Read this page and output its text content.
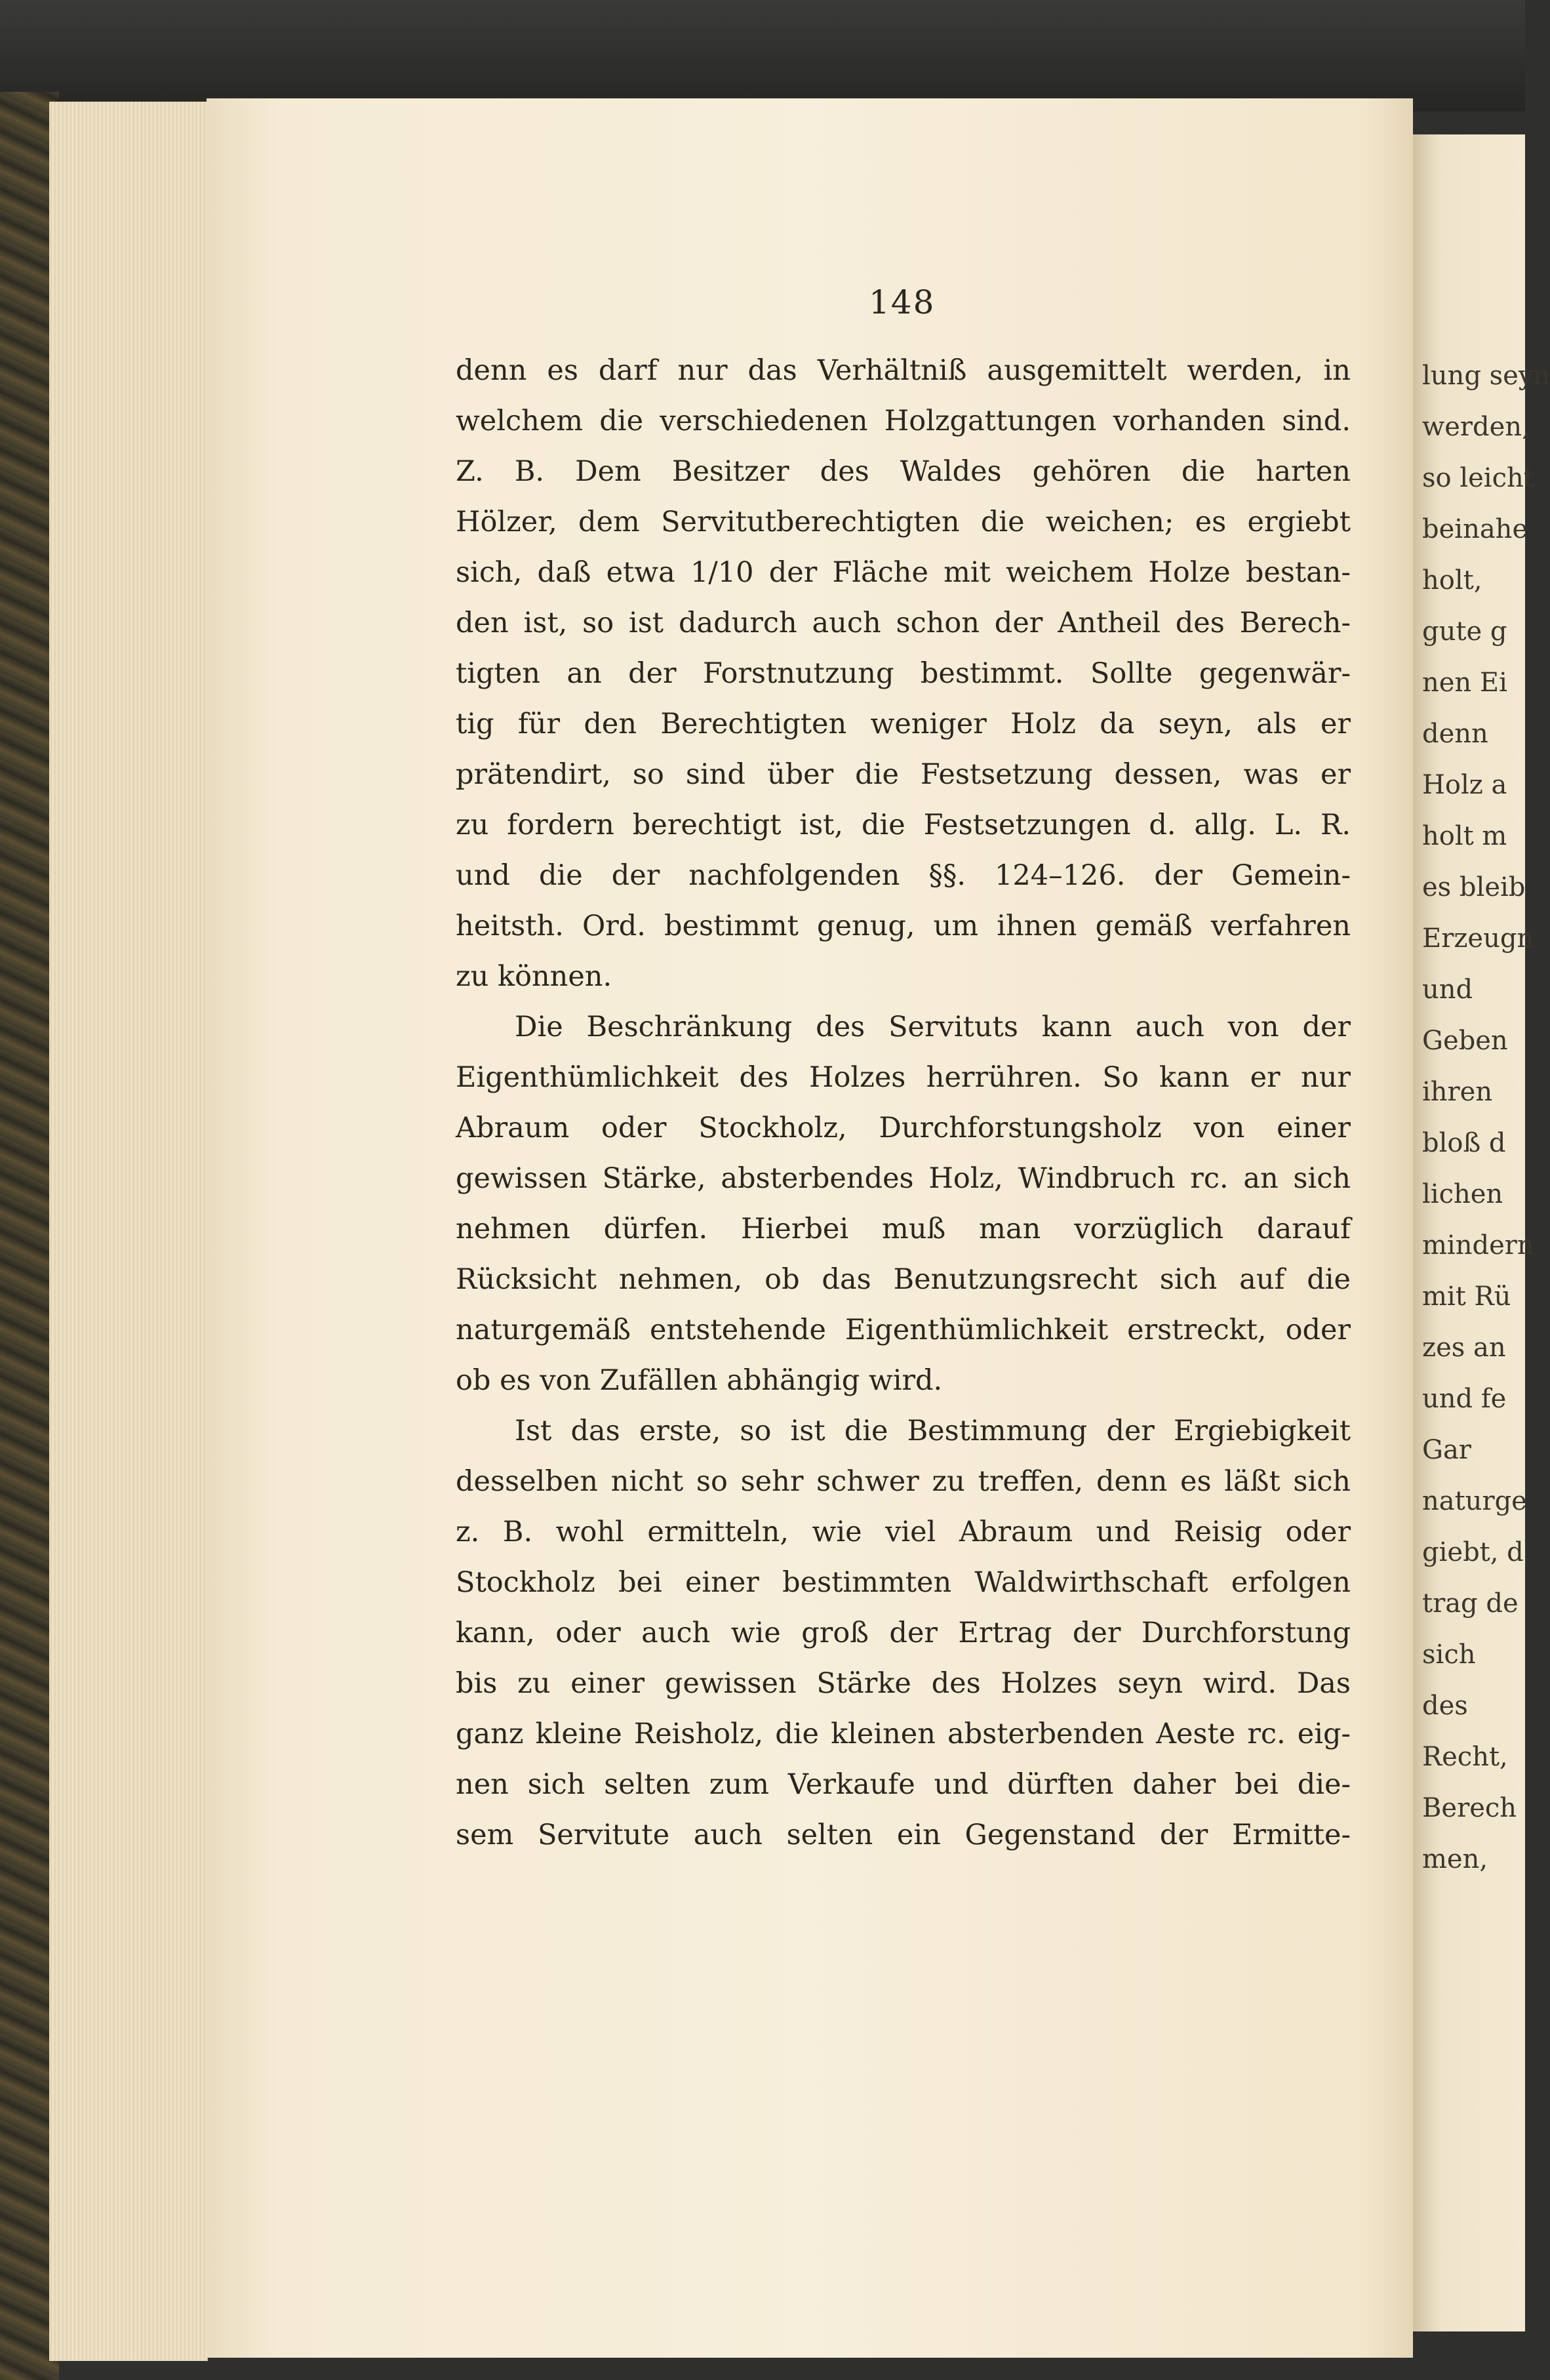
lung seyn
werden,
so leicht
beinahe
holt,
gute g
nen Ei
denn
Holz a
holt m
es bleib
Erzeugn
und
Geben
ihren
bloß d
lichen
mindern
mit Rü
zes an
und fe
Gar
naturge
giebt, d
trag de
sich
des
Recht,
Berech
men,
148
denn es darf nur das Verhältniß ausgemittelt werden, in
welchem die verschiedenen Holzgattungen vorhanden sind.
Z. B. Dem Besitzer des Waldes gehören die harten
Hölzer, dem Servitutberechtigten die weichen; es ergiebt
sich, daß etwa 1/10 der Fläche mit weichem Holze bestan-
den ist, so ist dadurch auch schon der Antheil des Berech-
tigten an der Forstnutzung bestimmt. Sollte gegenwär-
tig für den Berechtigten weniger Holz da seyn, als er
prätendirt, so sind über die Festsetzung dessen, was er
zu fordern berechtigt ist, die Festsetzungen d. allg. L. R.
und die der nachfolgenden §§. 124–126. der Gemein-
heitsth. Ord. bestimmt genug, um ihnen gemäß verfahren
zu können.
Die Beschränkung des Servituts kann auch von der
Eigenthümlichkeit des Holzes herrühren. So kann er nur
Abraum oder Stockholz, Durchforstungsholz von einer
gewissen Stärke, absterbendes Holz, Windbruch rc. an sich
nehmen dürfen. Hierbei muß man vorzüglich darauf
Rücksicht nehmen, ob das Benutzungsrecht sich auf die
naturgemäß entstehende Eigenthümlichkeit erstreckt, oder
ob es von Zufällen abhängig wird.
Ist das erste, so ist die Bestimmung der Ergiebigkeit
desselben nicht so sehr schwer zu treffen, denn es läßt sich
z. B. wohl ermitteln, wie viel Abraum und Reisig oder
Stockholz bei einer bestimmten Waldwirthschaft erfolgen
kann, oder auch wie groß der Ertrag der Durchforstung
bis zu einer gewissen Stärke des Holzes seyn wird. Das
ganz kleine Reisholz, die kleinen absterbenden Aeste rc. eig-
nen sich selten zum Verkaufe und dürften daher bei die-
sem Servitute auch selten ein Gegenstand der Ermitte-
